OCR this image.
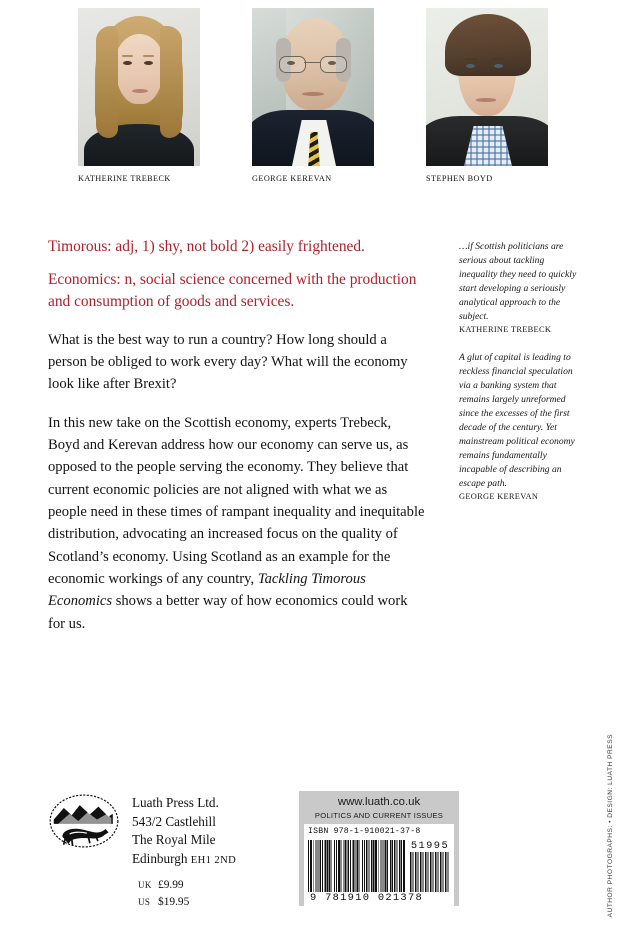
KATHERINE TREBECK	GEORGE KEREVAN	STEPHEN BOYD

Timorous: adj, 1) shy, not bold 2) easily frightened.

Economics: n, social science concerned with the production and consumption of goods and services.

What is the best way to run a country? How long should a person be obliged to work every day? What will the economy look like after Brexit?

In this new take on the Scottish economy, experts Trebeck, Boyd and Kerevan address how our economy can serve us, as opposed to the people serving the economy. They believe that current economic policies are not aligned with what we as people need in these times of rampant inequality and inequitable distribution, advocating an increased focus on the quality of Scotland’s economy. Using Scotland as an example for the economic workings of any country, Tackling Timorous Economics shows a better way of how economics could work for us.

…if Scottish politicians are serious about tackling inequality they need to quickly start developing a seriously analytical approach to the subject.

KATHERINE TREBECK

A glut of capital is leading to reckless financial speculation via a banking system that remains largely unreformed since the excesses of the first decade of the century. Yet mainstream political economy remains fundamentally incapable of describing an escape path.

GEORGE KEREVAN

Luath Press Ltd.
543/2 Castlehill
The Royal Mile
Edinburgh EH1 2ND
UK £9.99
US $19.95
www.luath.co.uk
POLITICS AND CURRENT ISSUES
ISBN 978-1-910021-37-8
51995
9 781910 021378	AUTHOR PHOTOGRAPHS: • DESIGN: LUATH PRESS
